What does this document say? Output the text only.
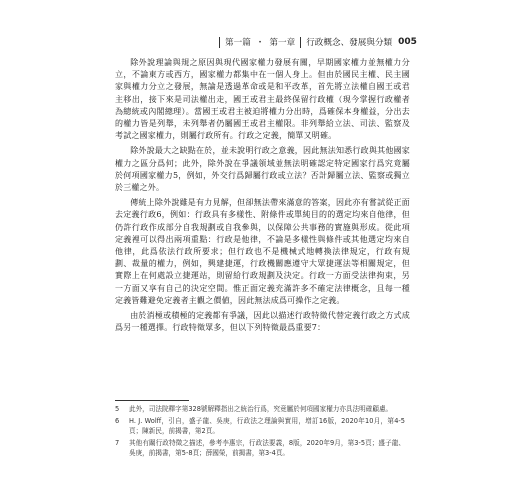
第一篇 ・ 第一章 行政概念、發展與分類 005

除外說理論與規之原因與現代國家權力發展有關，早期國家權力並無權力分立，不論東方或西方，國家權力都集中在一個人身上。但由於國民主權、民主國家與權力分立之發展，無論是透過革命或是和平改革，首先將立法權自國王或君主移出，接下來是司法權出走，國王或君主最終保留行政權（現今掌握行政權者為總統或內閣總理）。當國王或君主被迫將權力分出時，爲確保本身權益，分出去的權力皆是列舉，未列舉者仍屬國王或君主權限。非列舉給立法、司法、監察及考試之國家權力，則屬行政所有。行政之定義，簡單又明確。

除外說最大之缺點在於，並未說明行政之意義，因此無法知悉行政與其他國家權力之區分爲何；此外，除外說在爭議領域並無法明確認定特定國家行爲究竟屬於何項國家權力5，例如，外交行爲歸屬行政或立法？否計歸屬立法、監察或獨立於三權之外。

傳統上除外說雖是有力見解，但卻無法帶來滿意的答案，因此亦有嘗試從正面去定義行政6，例如：行政具有多樣性、附條件或單純目的的選定均來自他律，但仍許行政作成部分自我規劃或自我參與，以保障公共事務的實施與形成。從此項定義裡可以得出兩項重點：行政是他律，不論是多樣性與條件或其他選定均來自他律，此爲依法行政所要求；但行政也不是機械式地轉換法律規定，行政有規劃、裁量的權力，例如，興建捷運，行政機關應遵守大眾捷運法等相關規定，但實際上在何處設立捷運站，則留給行政規劃及決定。行政一方面受法律拘束，另一方面又享有自己的決定空間。惟正面定義充滿許多不確定法律概念，且每一種定義皆難避免定義者主觀之價値，因此無法成爲可操作之定義。

由於消極或積極的定義都有爭議，因此以描述行政特徵代替定義行政之方式成爲另一種選擇。行政特徵眾多，但以下列特徵最爲重要7：

5	此外，司法院釋字第328號解釋指出之統治行爲，究竟屬於何項國家權力亦具法明確顧慮。
6	H. J. Wolff，引自，盛子龍、吳庚，行政法之理論與實用，增訂16版，2020年10月，第4-5頁；陳新民，前揭書，第2頁。
7	其他有關行政特徵之描述，參考李惠宗，行政法要義，8版，2020年9月，第3-5頁；盛子龍、吳庚，前揭書，第5-8頁；薛國榮，前揭書，第3-4頁。
